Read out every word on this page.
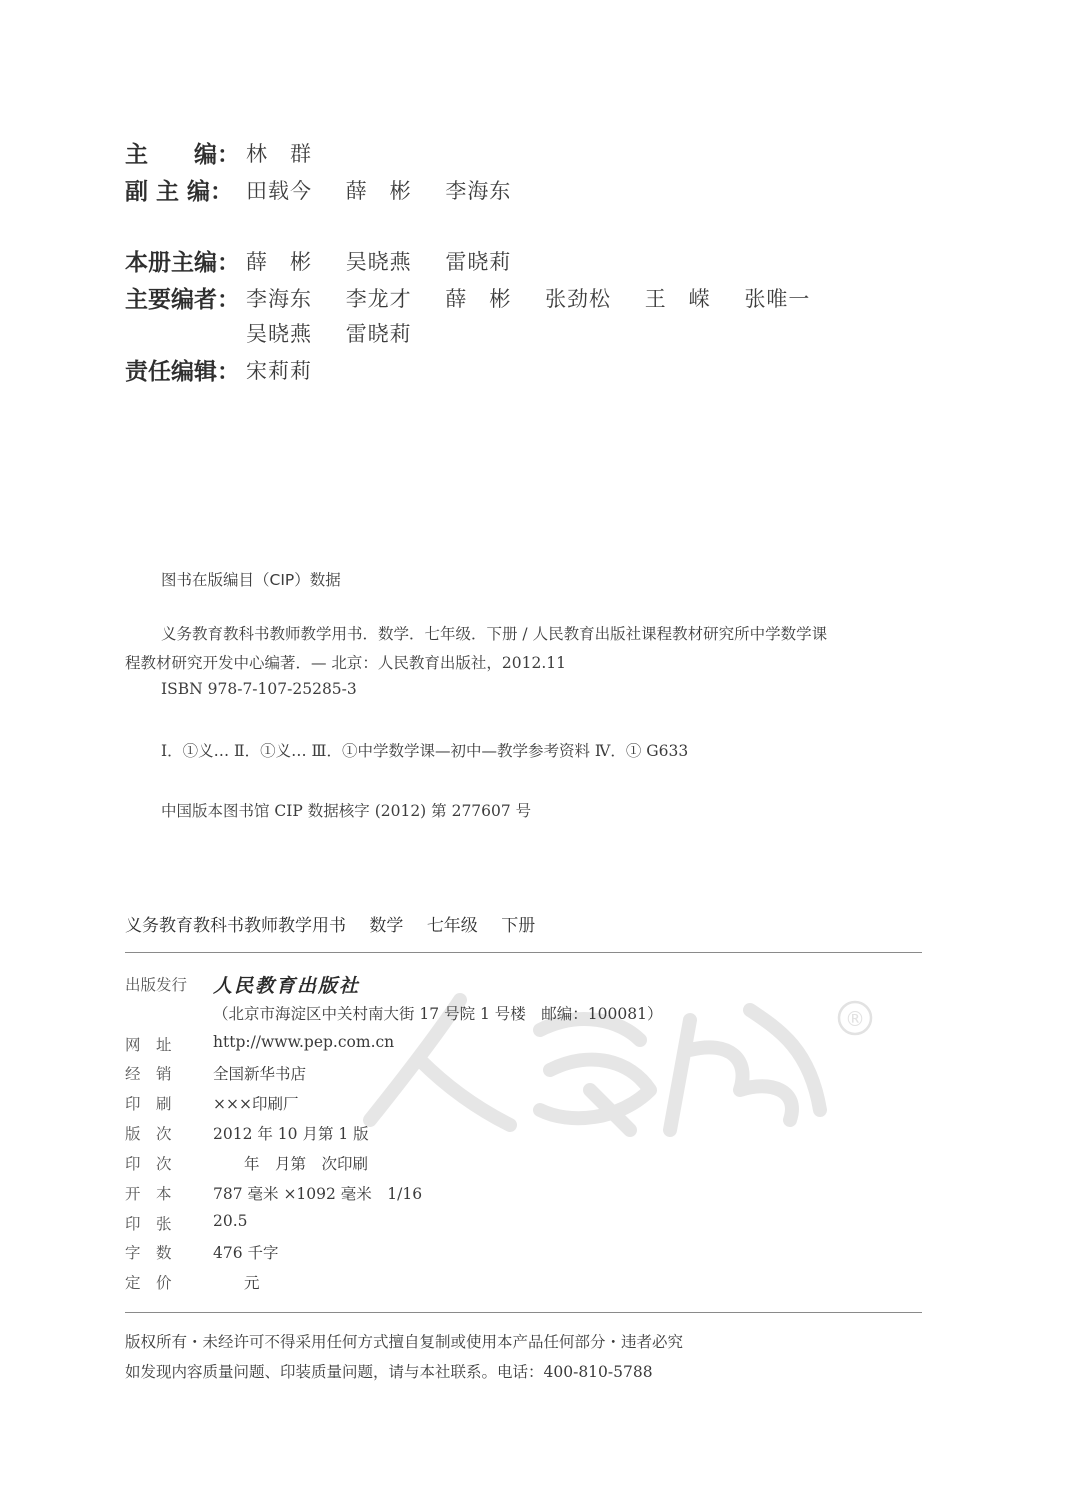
主　　编： 林　群
副 主 编： 田载今 薛　彬 李海东
本册主编： 薛　彬 吴晓燕 雷晓莉
主要编者： 李海东 李龙才 薛　彬 张劲松 王　嵘 张唯一
吴晓燕 雷晓莉
责任编辑： 宋莉莉
图书在版编目（CIP）数据
义务教育教科书教师教学用书．数学．七年级．下册 / 人民教育出版社课程教材研究所中学数学课
程教材研究开发中心编著．— 北京：人民教育出版社，2012.11
ISBN 978-7-107-25285-3
Ⅰ．①义… Ⅱ．①义… Ⅲ．①中学数学课—初中—教学参考资料 Ⅳ．① G633
中国版本图书馆 CIP 数据核字 (2012) 第 277607 号
义务教育教科书教师教学用书 数学 七年级 下册
®
出版发行 人民教育出版社
（北京市海淀区中关村南大街 17 号院 1 号楼　邮编：100081）
网　址	http://www.pep.com.cn
经　销	全国新华书店
印　刷	×××印刷厂
版　次	2012 年 10 月第 1 版
印　次	　　年　月第　次印刷
开　本	787 毫米 ×1092 毫米　1/16
印　张	20.5
字　数	476 千字
定　价	　　元
版权所有・未经许可不得采用任何方式擅自复制或使用本产品任何部分・违者必究
如发现内容质量问题、印装质量问题，请与本社联系。电话：400-810-5788
